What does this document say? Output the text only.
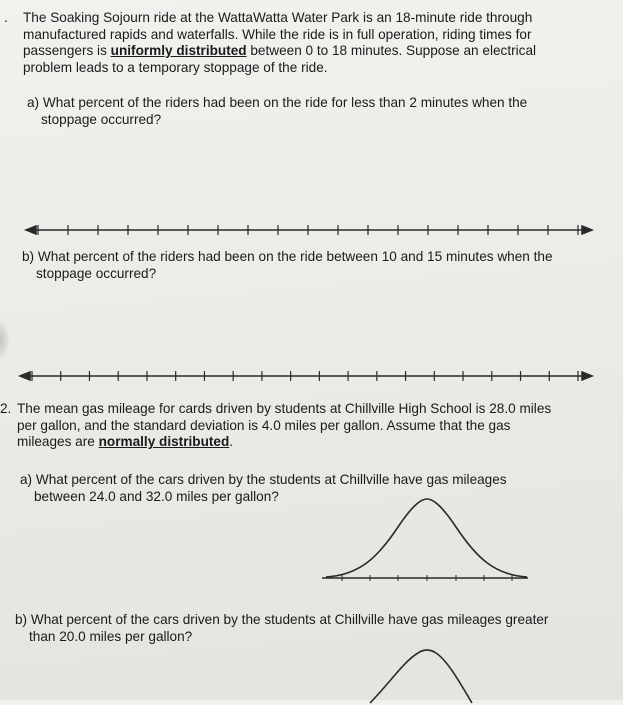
. The Soaking Sojourn ride at the WattaWatta Water Park is an 18-minute ride through
manufactured rapids and waterfalls. While the ride is in full operation, riding times for
passengers is uniformly distributed between 0 to 18 minutes. Suppose an electrical
problem leads to a temporary stoppage of the ride.
a) What percent of the riders had been on the ride for less than 2 minutes when the
stoppage occurred?
b) What percent of the riders had been on the ride between 10 and 15 minutes when the
stoppage occurred?
2. The mean gas mileage for cards driven by students at Chillville High School is 28.0 miles
per gallon, and the standard deviation is 4.0 miles per gallon. Assume that the gas
mileages are normally distributed.
a) What percent of the cars driven by the students at Chillville have gas mileages
between 24.0 and 32.0 miles per gallon?
b) What percent of the cars driven by the students at Chillville have gas mileages greater
than 20.0 miles per gallon?
